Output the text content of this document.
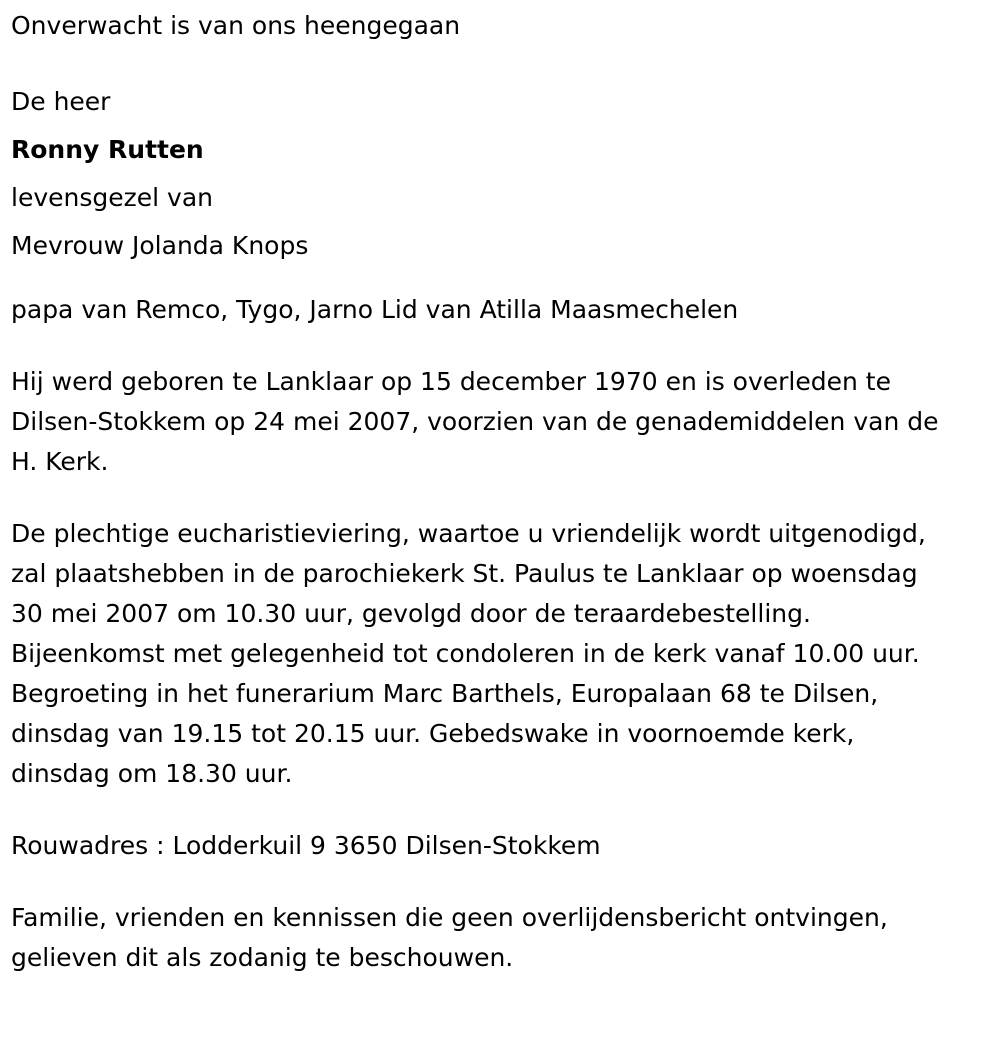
Onverwacht is van ons heengegaan

De heer

Ronny Rutten

levensgezel van

Mevrouw Jolanda Knops

papa van Remco, Tygo, Jarno Lid van Atilla Maasmechelen

Hij werd geboren te Lanklaar op 15 december 1970 en is overleden te

Dilsen-Stokkem op 24 mei 2007, voorzien van de genademiddelen van de

H. Kerk.

De plechtige eucharistieviering, waartoe u vriendelijk wordt uitgenodigd,

zal plaatshebben in de parochiekerk St. Paulus te Lanklaar op woensdag

30 mei 2007 om 10.30 uur, gevolgd door de teraardebestelling.

Bijeenkomst met gelegenheid tot condoleren in de kerk vanaf 10.00 uur.

Begroeting in het funerarium Marc Barthels, Europalaan 68 te Dilsen,

dinsdag van 19.15 tot 20.15 uur. Gebedswake in voornoemde kerk,

dinsdag om 18.30 uur.

Rouwadres : Lodderkuil 9 3650 Dilsen-Stokkem

Familie, vrienden en kennissen die geen overlijdensbericht ontvingen,

gelieven dit als zodanig te beschouwen.
